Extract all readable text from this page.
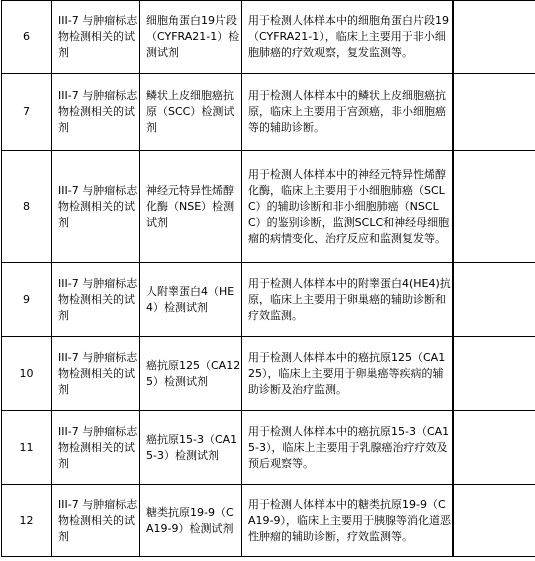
6	III-7 与肿瘤标志物检测相关的试剂	细胞角蛋白19片段（CYFRA21-1）检测试剂	用于检测人体样本中的细胞角蛋白片段19（CYFRA21-1），临床上主要用于非小细胞肺癌的疗效观察，复发监测等。	
7	III-7 与肿瘤标志物检测相关的试剂	鳞状上皮细胞癌抗原（SCC）检测试剂	用于检测人体样本中的鳞状上皮细胞癌抗原，临床上主要用于宫颈癌，非小细胞癌等的辅助诊断。	
8	III-7 与肿瘤标志物检测相关的试剂	神经元特异性烯醇化酶（NSE）检测试剂	用于检测人体样本中的神经元特异性烯醇化酶，临床上主要用于小细胞肺癌（SCLC）的辅助诊断和非小细胞肺癌（NSCLC）的鉴别诊断，监测SCLC和神经母细胞瘤的病情变化、治疗反应和监测复发等。	
9	III-7 与肿瘤标志物检测相关的试剂	人附睾蛋白4（HE4）检测试剂	用于检测人体样本中的附睾蛋白4(HE4)抗原，临床上主要用于卵巢癌的辅助诊断和疗效监测。	
10	III-7 与肿瘤标志物检测相关的试剂	癌抗原125（CA125）检测试剂	用于检测人体样本中的癌抗原125（CA125），临床上主要用于卵巢癌等疾病的辅助诊断及治疗监测。	
11	III-7 与肿瘤标志物检测相关的试剂	癌抗原15-3（CA15-3）检测试剂	用于检测人体样本中的癌抗原15-3（CA15-3），临床上主要用于乳腺癌治疗疗效及预后观察等。	
12	III-7 与肿瘤标志物检测相关的试剂	糖类抗原19-9（CA19-9）检测试剂	用于检测人体样本中的糖类抗原19-9（CA19-9），临床上主要用于胰腺等消化道恶性肿瘤的辅助诊断，疗效监测等。	
